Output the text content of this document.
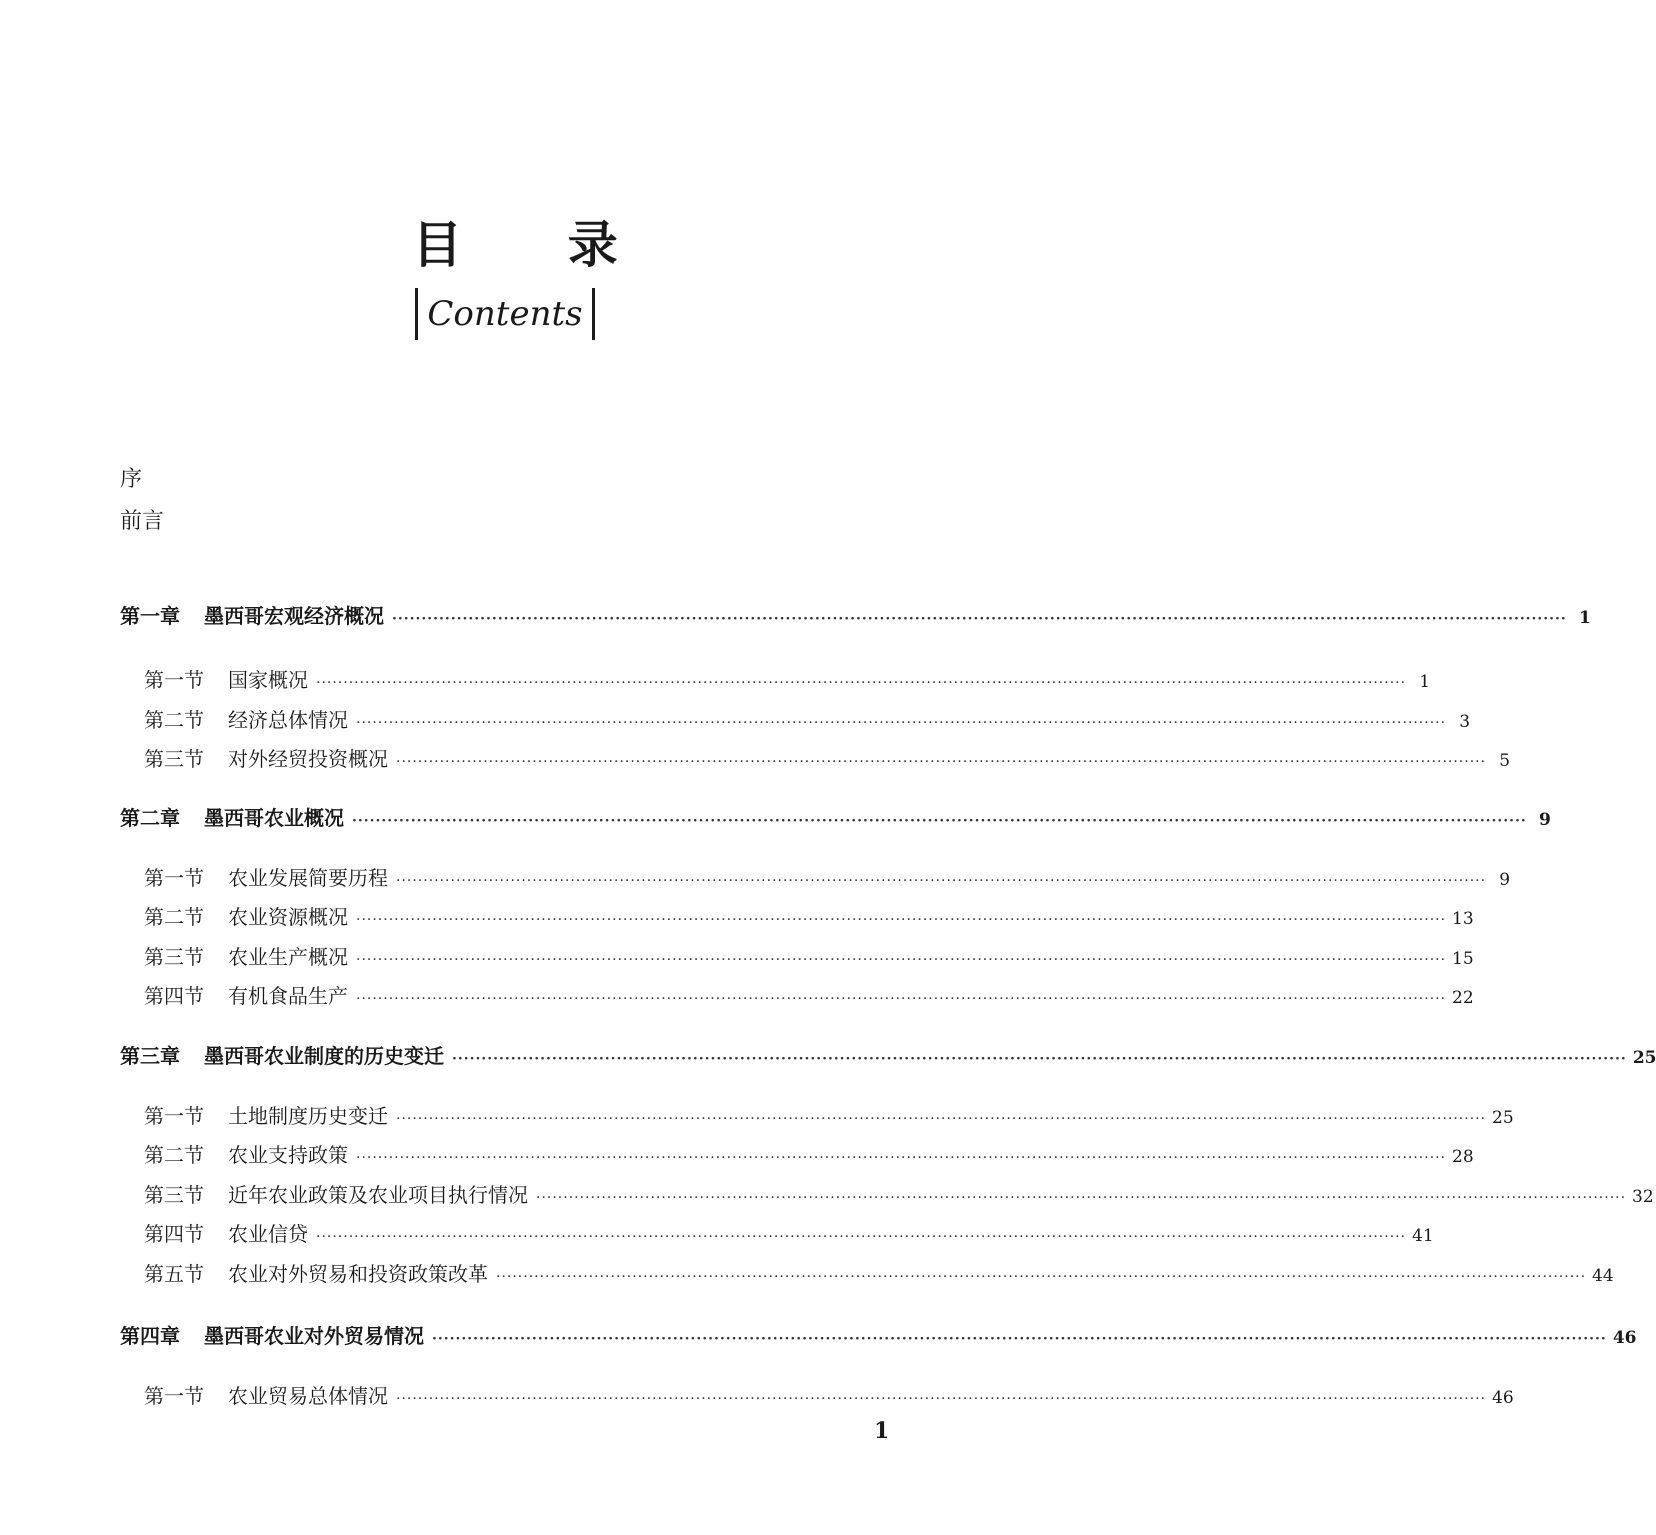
目 录
Contents
序
前言
第一章 墨西哥宏观经济概况 ········································································································································································································ 1
第一节 国家概况 ········································································································································································································ 1
第二节 经济总体情况 ········································································································································································································ 3
第三节 对外经贸投资概况 ········································································································································································································ 5
第二章 墨西哥农业概况 ········································································································································································································ 9
第一节 农业发展简要历程 ········································································································································································································ 9
第二节 农业资源概况 ········································································································································································································ 13
第三节 农业生产概况 ········································································································································································································ 15
第四节 有机食品生产 ········································································································································································································ 22
第三章 墨西哥农业制度的历史变迁 ········································································································································································································ 25
第一节 土地制度历史变迁 ········································································································································································································ 25
第二节 农业支持政策 ········································································································································································································ 28
第三节 近年农业政策及农业项目执行情况 ········································································································································································································ 32
第四节 农业信贷 ········································································································································································································ 41
第五节 农业对外贸易和投资政策改革 ········································································································································································································ 44
第四章 墨西哥农业对外贸易情况 ········································································································································································································ 46
第一节 农业贸易总体情况 ········································································································································································································ 46
1
